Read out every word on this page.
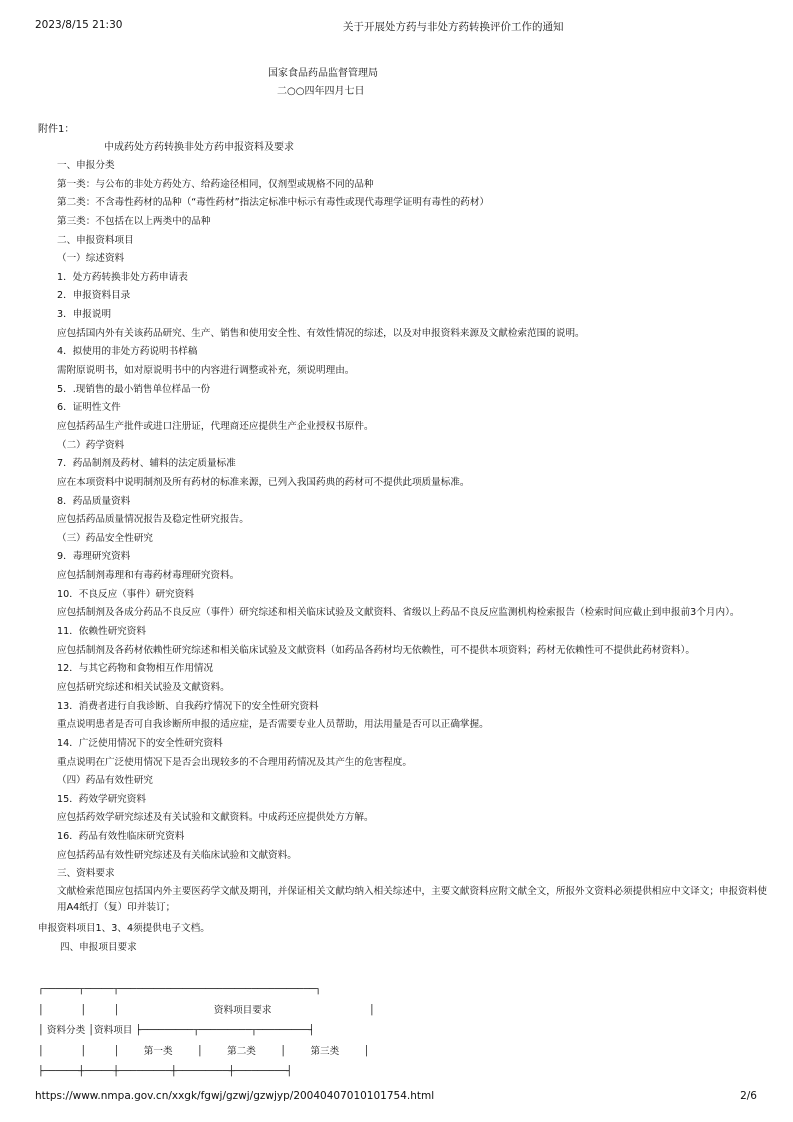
2023/8/15 21:30	关于开展处方药与非处方药转换评价工作的通知
国家食品药品监督管理局
二○○四年四月七日
附件1：
中成药处方药转换非处方药申报资料及要求
一、申报分类
第一类：与公布的非处方药处方、给药途径相同，仅剂型或规格不同的品种
第二类：不含毒性药材的品种（“毒性药材”指法定标准中标示有毒性或现代毒理学证明有毒性的药材）
第三类：不包括在以上两类中的品种
二、申报资料项目
（一）综述资料
1．处方药转换非处方药申请表
2．申报资料目录
3．申报说明
应包括国内外有关该药品研究、生产、销售和使用安全性、有效性情况的综述，以及对申报资料来源及文献检索范围的说明。
4．拟使用的非处方药说明书样稿
需附原说明书，如对原说明书中的内容进行调整或补充，须说明理由。
5．.现销售的最小销售单位样品一份
6．证明性文件
应包括药品生产批件或进口注册证，代理商还应提供生产企业授权书原件。
（二）药学资料
7．药品制剂及药材、辅料的法定质量标准
应在本项资料中说明制剂及所有药材的标准来源，已列入我国药典的药材可不提供此项质量标准。
8．药品质量资料
应包括药品质量情况报告及稳定性研究报告。
（三）药品安全性研究
9．毒理研究资料
应包括制剂毒理和有毒药材毒理研究资料。
10．不良反应（事件）研究资料
应包括制剂及各成分药品不良反应（事件）研究综述和相关临床试验及文献资料、省级以上药品不良反应监测机构检索报告（检索时间应截止到申报前3个月内）。
11．依赖性研究资料
应包括制剂及各药材依赖性研究综述和相关临床试验及文献资料（如药品各药材均无依赖性，可不提供本项资料；药材无依赖性可不提供此药材资料）。
12．与其它药物和食物相互作用情况
应包括研究综述和相关试验及文献资料。
13．消费者进行自我诊断、自我药疗情况下的安全性研究资料
重点说明患者是否可自我诊断所申报的适应症，是否需要专业人员帮助，用法用量是否可以正确掌握。
14．广泛使用情况下的安全性研究资料
重点说明在广泛使用情况下是否会出现较多的不合理用药情况及其产生的危害程度。
（四）药品有效性研究
15．药效学研究资料
应包括药效学研究综述及有关试验和文献资料。中成药还应提供处方方解。
16．药品有效性临床研究资料
应包括药品有效性研究综述及有关临床试验和文献资料。
三、资料要求
文献检索范围应包括国内外主要医药学文献及期刊，并保证相关文献均纳入相关综述中，主要文献资料应附文献全文，所报外文资料必须提供相应中文译文；申报资料使用A4纸打（复）印并装订；
申报资料项目1、3、4须提供电子文档。
四、申报项目要求
┌──────┬─────┬──────────────────────────────────┐
│            │         │                               资料项目要求                                │
│ 资料分类 │资料项目 ├─────────┬─────────┬─────────┤
│            │         │        第一类        │        第二类        │        第三类        │
├──────┼─────┼─────────┼─────────┼─────────┤
https://www.nmpa.gov.cn/xxgk/fgwj/gzwj/gzwjyp/20040407010101754.html	2/6
